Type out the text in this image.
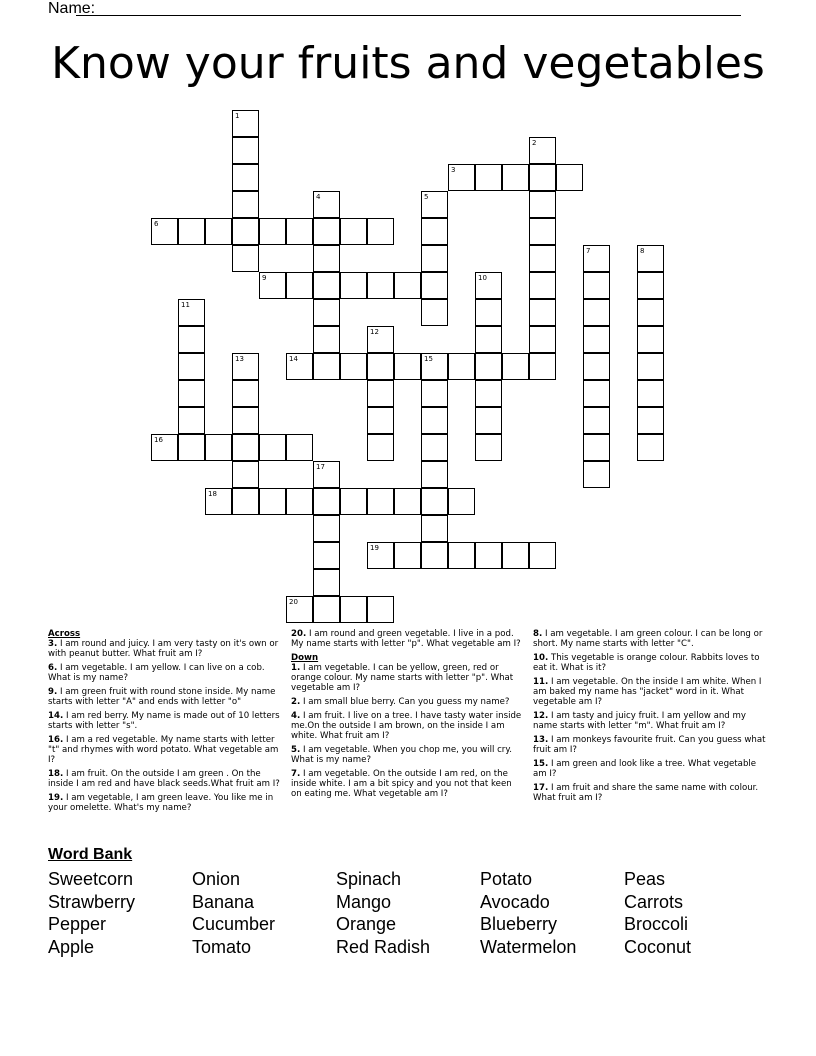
Name:
Know your fruits and vegetables
1
2
3
4	5
6
7	8
9	10
11
12
13	14	15
16
17
18
19
20
Across
3. I am round and juicy. I am very tasty on it's own or with peanut butter. What fruit am I?
6. I am vegetable. I am yellow. I can live on a cob. What is my name?
9. I am green fruit with round stone inside. My name starts with letter "A" and ends with letter "o"
14. I am red berry. My name is made out of 10 letters starts with letter "s".
16. I am a red vegetable. My name starts with letter "t" and rhymes with word potato. What vegetable am I?
18. I am fruit. On the outside I am green . On the inside I am red and have black seeds.What fruit am I?
19. I am vegetable, I am green leave. You like me in your omelette. What's my name?
20. I am round and green vegetable. I live in a pod. My name starts with letter "p". What vegetable am I?
Down
1. I am vegetable. I can be yellow, green, red or orange colour. My name starts with letter "p". What vegetable am I?
2. I am small blue berry. Can you guess my name?
4. I am fruit. I live on a tree. I have tasty water inside me.On the outside I am brown, on the inside I am white. What fruit am I?
5. I am vegetable. When you chop me, you will cry. What is my name?
7. I am vegetable. On the outside I am red, on the inside white. I am a bit spicy and you not that keen on eating me. What vegetable am I?
8. I am vegetable. I am green colour. I can be long or short. My name starts with letter "C".
10. This vegetable is orange colour. Rabbits loves to eat it. What is it?
11. I am vegetable. On the inside I am white. When I am baked my name has "jacket" word in it. What vegetable am I?
12. I am tasty and juicy fruit. I am yellow and my name starts with letter "m". What fruit am I?
13. I am monkeys favourite fruit. Can you guess what fruit am I?
15. I am green and look like a tree. What vegetable am I?
17. I am fruit and share the same name with colour. What fruit am I?
Word Bank
Sweetcorn	Onion	Spinach	Potato	Peas
Strawberry	Banana	Mango	Avocado	Carrots
Pepper	Cucumber	Orange	Blueberry	Broccoli
Apple	Tomato	Red Radish	Watermelon	Coconut
